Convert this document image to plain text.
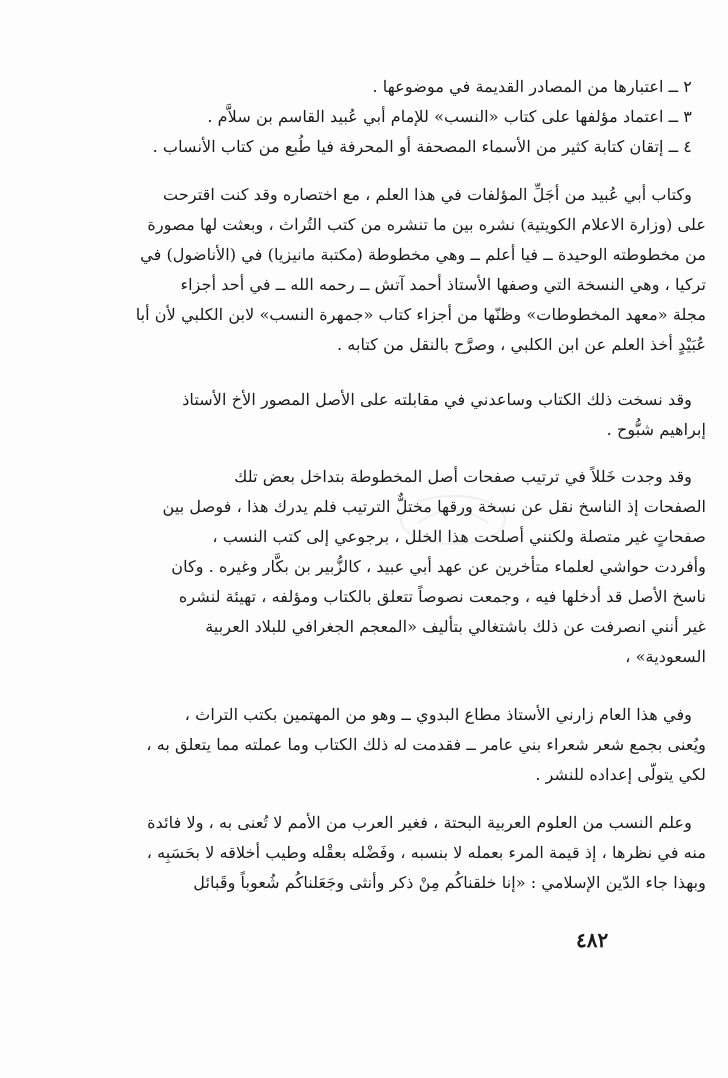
٢ ــ اعتبارها من المصادر القديمة في موضوعها .
٣ ــ اعتماد مؤلفها على كتاب «النسب» للإمام أبي عُبيد القاسم بن سلاَّم .
٤ ــ إتقان كتابة كثير من الأسماء المصحفة أو المحرفة فيا طُبع من كتاب الأنساب .
وكتاب أبي عُبيد من أجَلِّ المؤلفات في هذا العلم ، مع اختصاره وقد كنت اقترحت
على (وزارة الاعلام الكويتية) نشره بين ما تنشره من كتب التُراث ، وبعثت لها مصورة
من مخطوطته الوحيدة ــ فيا أعلم ــ وهي مخطوطة (مكتبة مانيزيا) في (الأناضول) في
تركيا ، وهي النسخة التي وصفها الأستاذ أحمد آتش ــ رحمه الله ــ في أحد أجزاء
مجلة «معهد المخطوطات» وظنّها من أجزاء كتاب «جمهرة النسب» لابن الكلبي لأن أبا
عُبَيْدٍ أخذ العلم عن ابن الكلبي ، وصرَّح بالنقل من كتابه .
وقد نسخت ذلك الكتاب وساعدني في مقابلته على الأصل المصور الأخ الأستاذ
إبراهيم شبُّوح .
وقد وجدت خَللاً في ترتيب صفحات أصل المخطوطة بتداخل بعض تلك
الصفحات إذ الناسخ نقل عن نسخة ورقها مختلٌّ الترتيب فلم يدرك هذا ، فوصل بين
صفحاتٍ غير متصلة ولكنني أصلحت هذا الخلل ، برجوعي إلى كتب النسب ،
وأفردت حواشي لعلماء متأخرين عن عهد أبي عبيد ، كالزُّبير بن بكَّار وغيره . وكان
ناسخ الأصل قد أدخلها فيه ، وجمعت نصوصاً تتعلق بالكتاب ومؤلفه ، تهيئة لنشره
غير أنني انصرفت عن ذلك باشتغالي بتأليف «المعجم الجغرافي للبلاد العربية
السعودية» ،
وفي هذا العام زارني الأستاذ مطاع البدوي ــ وهو من المهتمين بكتب التراث ،
ويُعنى بجمع شعر شعراء بني عامر ــ فقدمت له ذلك الكتاب وما عملته مما يتعلق به ،
لكي يتولّى إعداده للنشر .
وعلم النسب من العلوم العربية البحتة ، فغير العرب من الأمم لا تُعنى به ، ولا فائدة
منه في نظرها ، إذ قيمة المرء بعمله لا بنسبه ، وفَضْله بعقْله وطيب أخلاقه لا بحَسَبِه ،
وبهذا جاء الدّين الإسلامي : «إنا خلقناكُم مِنْ ذكر وأنثى وجَعَلناكُم شُعوباً وقَبائل
٤٨٢
